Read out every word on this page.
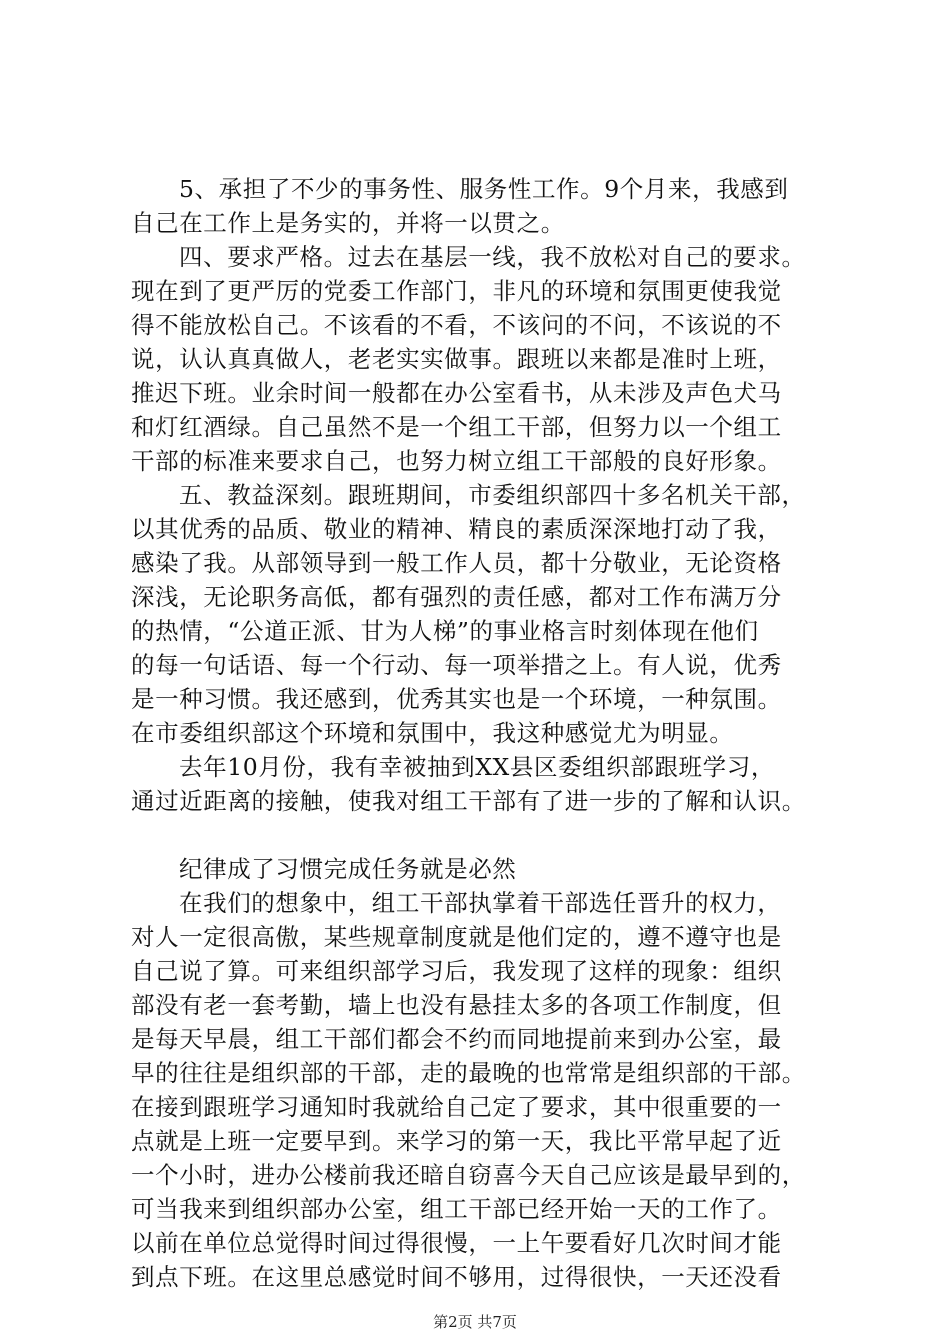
5、承担了不少的事务性、服务性工作。9个月来，我感到
自己在工作上是务实的，并将一以贯之。
四、要求严格。过去在基层一线，我不放松对自己的要求。
现在到了更严厉的党委工作部门，非凡的环境和氛围更使我觉
得不能放松自己。不该看的不看，不该问的不问，不该说的不
说，认认真真做人，老老实实做事。跟班以来都是准时上班，
推迟下班。业余时间一般都在办公室看书，从未涉及声色犬马
和灯红酒绿。自己虽然不是一个组工干部，但努力以一个组工
干部的标准来要求自己，也努力树立组工干部般的良好形象。
五、教益深刻。跟班期间，市委组织部四十多名机关干部，
以其优秀的品质、敬业的精神、精良的素质深深地打动了我，
感染了我。从部领导到一般工作人员，都十分敬业，无论资格
深浅，无论职务高低，都有强烈的责任感，都对工作布满万分
的热情，“公道正派、甘为人梯”的事业格言时刻体现在他们
的每一句话语、每一个行动、每一项举措之上。有人说，优秀
是一种习惯。我还感到，优秀其实也是一个环境，一种氛围。
在市委组织部这个环境和氛围中，我这种感觉尤为明显。
去年10月份，我有幸被抽到XX县区委组织部跟班学习，
通过近距离的接触，使我对组工干部有了进一步的了解和认识。
纪律成了习惯完成任务就是必然
在我们的想象中，组工干部执掌着干部选任晋升的权力，
对人一定很高傲，某些规章制度就是他们定的，遵不遵守也是
自己说了算。可来组织部学习后，我发现了这样的现象：组织
部没有老一套考勤，墙上也没有悬挂太多的各项工作制度，但
是每天早晨，组工干部们都会不约而同地提前来到办公室，最
早的往往是组织部的干部，走的最晚的也常常是组织部的干部。
在接到跟班学习通知时我就给自己定了要求，其中很重要的一
点就是上班一定要早到。来学习的第一天，我比平常早起了近
一个小时，进办公楼前我还暗自窃喜今天自己应该是最早到的，
可当我来到组织部办公室，组工干部已经开始一天的工作了。
以前在单位总觉得时间过得很慢，一上午要看好几次时间才能
到点下班。在这里总感觉时间不够用，过得很快，一天还没看
第2页 共7页
